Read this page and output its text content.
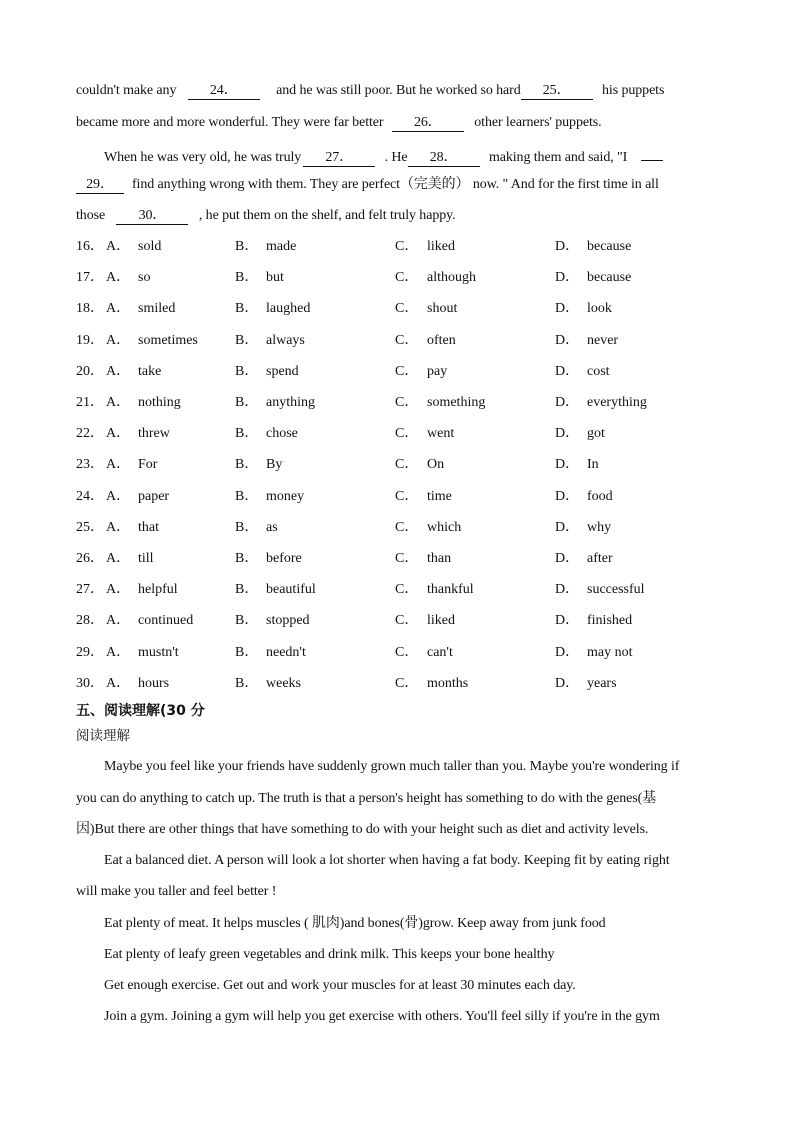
couldn't make any 24．	and he was still poor. But he worked so hard 25． his puppets
became more and more wonderful. They were far better 26． other learners' puppets.
When he was very old, he was truly 27． . He 28． making them and said, "I
29． find anything wrong with them. They are perfect（完美的） now. " And for the first time in all
those 30． , he put them on the shelf, and felt truly happy.
16． A． sold	B． made	C． liked	D． because
17． A． so	B． but	C． although	D． because
18． A． smiled	B． laughed	C． shout	D． look
19． A． sometimes	B． always	C． often	D． never
20． A． take	B． spend	C． pay	D． cost
21． A． nothing	B． anything	C． something	D． everything
22． A． threw	B． chose	C． went	D． got
23． A． For	B． By	C． On	D． In
24． A． paper	B． money	C． time	D． food
25． A． that	B． as	C． which	D． why
26． A． till	B． before	C． than	D． after
27． A． helpful	B． beautiful	C． thankful	D． successful
28． A． continued	B． stopped	C． liked	D． finished
29． A． mustn't	B． needn't	C． can't	D． may not
30． A． hours	B． weeks	C． months	D． years
五、阅读理解(30 分
阅读理解
Maybe you feel like your friends have suddenly grown much taller than you. Maybe you're wondering if
you can do anything to catch up. The truth is that a person's height has something to do with the genes(基
因)But there are other things that have something to do with your height such as diet and activity levels.
Eat a balanced diet. A person will look a lot shorter when having a fat body. Keeping fit by eating right
will make you taller and feel better !
Eat plenty of meat. It helps muscles ( 肌肉)and bones(骨)grow. Keep away from junk food
Eat plenty of leafy green vegetables and drink milk. This keeps your bone healthy
Get enough exercise. Get out and work your muscles for at least 30 minutes each day.
Join a gym. Joining a gym will help you get exercise with others. You'll feel silly if you're in the gym
